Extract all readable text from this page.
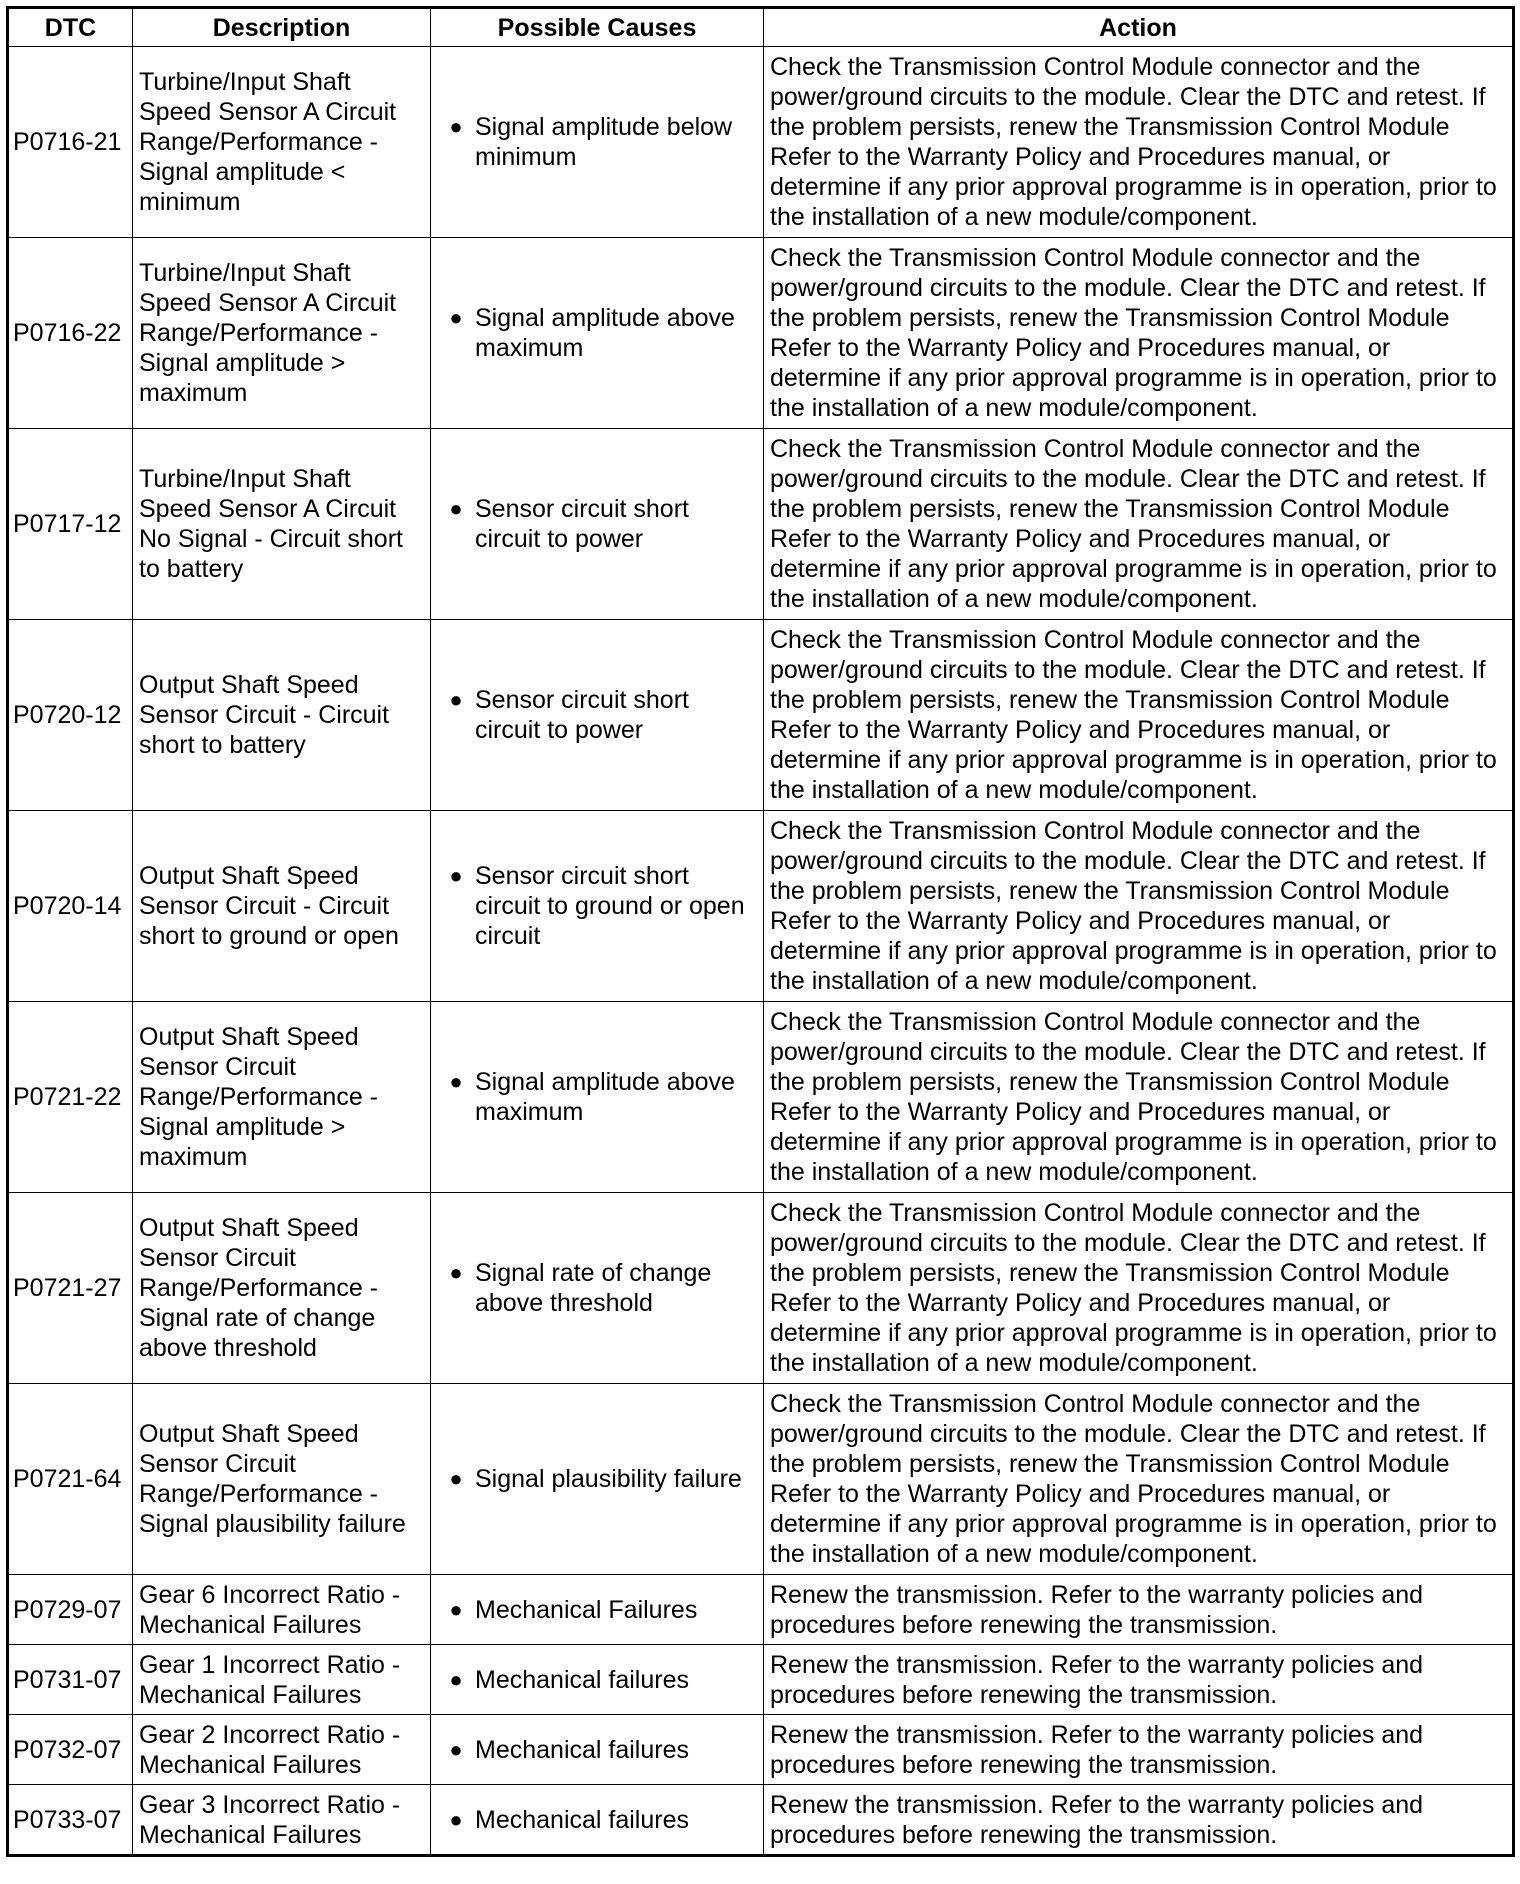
DTC	Description	Possible Causes	Action
P0716-21	Turbine/Input Shaft Speed Sensor A Circuit Range/Performance - Signal amplitude < minimum	● Signal amplitude below minimum	Check the Transmission Control Module connector and the power/ground circuits to the module. Clear the DTC and retest. If the problem persists, renew the Transmission Control Module Refer to the Warranty Policy and Procedures manual, or determine if any prior approval programme is in operation, prior to the installation of a new module/component.
P0716-22	Turbine/Input Shaft Speed Sensor A Circuit Range/Performance - Signal amplitude > maximum	● Signal amplitude above maximum	Check the Transmission Control Module connector and the power/ground circuits to the module. Clear the DTC and retest. If the problem persists, renew the Transmission Control Module Refer to the Warranty Policy and Procedures manual, or determine if any prior approval programme is in operation, prior to the installation of a new module/component.
P0717-12	Turbine/Input Shaft Speed Sensor A Circuit No Signal - Circuit short to battery	● Sensor circuit short circuit to power	Check the Transmission Control Module connector and the power/ground circuits to the module. Clear the DTC and retest. If the problem persists, renew the Transmission Control Module Refer to the Warranty Policy and Procedures manual, or determine if any prior approval programme is in operation, prior to the installation of a new module/component.
P0720-12	Output Shaft Speed Sensor Circuit - Circuit short to battery	● Sensor circuit short circuit to power	Check the Transmission Control Module connector and the power/ground circuits to the module. Clear the DTC and retest. If the problem persists, renew the Transmission Control Module Refer to the Warranty Policy and Procedures manual, or determine if any prior approval programme is in operation, prior to the installation of a new module/component.
P0720-14	Output Shaft Speed Sensor Circuit - Circuit short to ground or open	● Sensor circuit short circuit to ground or open circuit	Check the Transmission Control Module connector and the power/ground circuits to the module. Clear the DTC and retest. If the problem persists, renew the Transmission Control Module Refer to the Warranty Policy and Procedures manual, or determine if any prior approval programme is in operation, prior to the installation of a new module/component.
P0721-22	Output Shaft Speed Sensor Circuit Range/Performance - Signal amplitude > maximum	● Signal amplitude above maximum	Check the Transmission Control Module connector and the power/ground circuits to the module. Clear the DTC and retest. If the problem persists, renew the Transmission Control Module Refer to the Warranty Policy and Procedures manual, or determine if any prior approval programme is in operation, prior to the installation of a new module/component.
P0721-27	Output Shaft Speed Sensor Circuit Range/Performance - Signal rate of change above threshold	● Signal rate of change above threshold	Check the Transmission Control Module connector and the power/ground circuits to the module. Clear the DTC and retest. If the problem persists, renew the Transmission Control Module Refer to the Warranty Policy and Procedures manual, or determine if any prior approval programme is in operation, prior to the installation of a new module/component.
P0721-64	Output Shaft Speed Sensor Circuit Range/Performance - Signal plausibility failure	● Signal plausibility failure	Check the Transmission Control Module connector and the power/ground circuits to the module. Clear the DTC and retest. If the problem persists, renew the Transmission Control Module Refer to the Warranty Policy and Procedures manual, or determine if any prior approval programme is in operation, prior to the installation of a new module/component.
P0729-07	Gear 6 Incorrect Ratio - Mechanical Failures	● Mechanical Failures	Renew the transmission. Refer to the warranty policies and procedures before renewing the transmission.
P0731-07	Gear 1 Incorrect Ratio - Mechanical Failures	● Mechanical failures	Renew the transmission. Refer to the warranty policies and procedures before renewing the transmission.
P0732-07	Gear 2 Incorrect Ratio - Mechanical Failures	● Mechanical failures	Renew the transmission. Refer to the warranty policies and procedures before renewing the transmission.
P0733-07	Gear 3 Incorrect Ratio - Mechanical Failures	● Mechanical failures	Renew the transmission. Refer to the warranty policies and procedures before renewing the transmission.
